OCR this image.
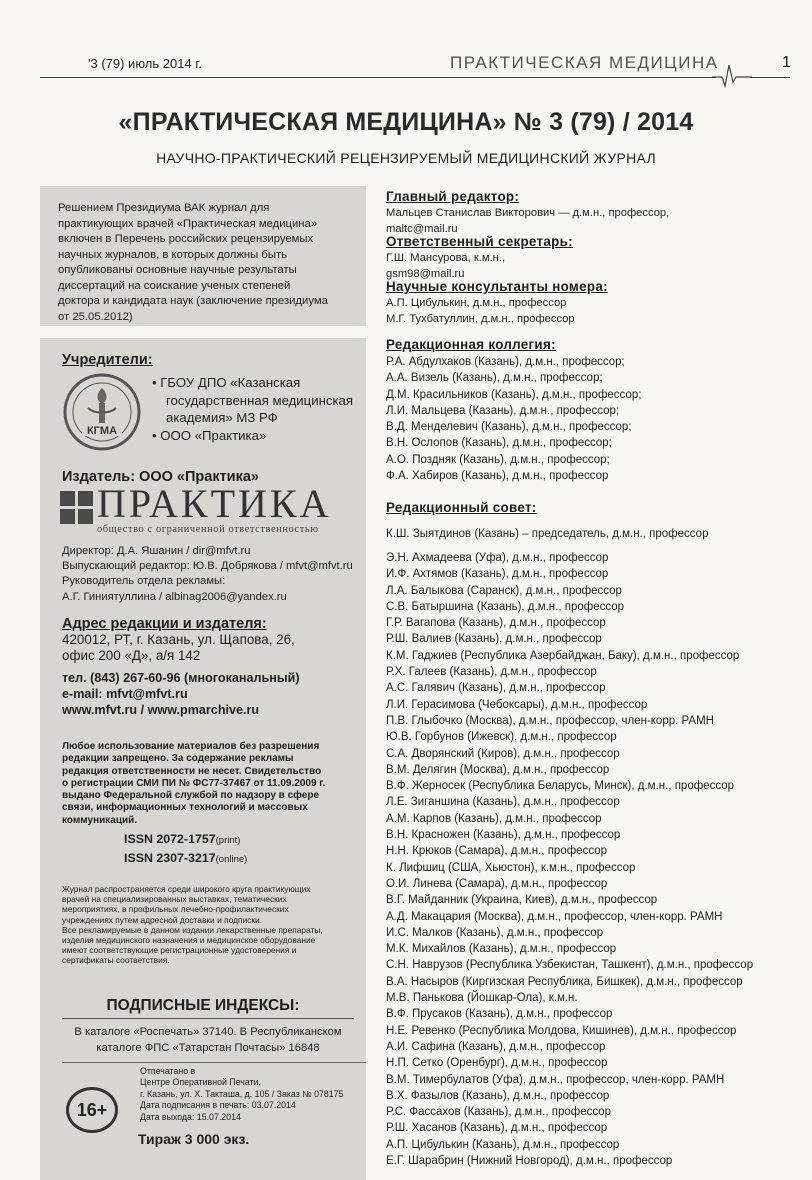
'3 (79) июль 2014 г.	ПРАКТИЧЕСКАЯ МЕДИЦИНА	1
«ПРАКТИЧЕСКАЯ МЕДИЦИНА» № 3 (79) / 2014
НАУЧНО-ПРАКТИЧЕСКИЙ РЕЦЕНЗИРУЕМЫЙ МЕДИЦИНСКИЙ ЖУРНАЛ
Решением Президиума ВАК журнал для
практикующих врачей «Практическая медицина»
включен в Перечень российских рецензируемых
научных журналов, в которых должны быть
опубликованы основные научные результаты
диссертаций на соискание ученых степеней
доктора и кандидата наук (заключение президиума
от 25.05.2012)
Учредители:
КГМА
• ГБОУ ДПО «Казанская государственная медицинская академия» МЗ РФ
• ООО «Практика»
Издатель: ООО «Практика»
ПРАКТИКА
общество с ограниченной ответственностью
Директор: Д.А. Яшанин / dir@mfvt.ru
Выпускающий редактор: Ю.В. Добрякова / mfvt@mfvt.ru
Руководитель отдела рекламы:
А.Г. Гиниятуллина / albinag2006@yandex.ru
Адрес редакции и издателя:
420012, РТ, г. Казань, ул. Щапова, 26,
офис 200 «Д», а/я 142
тел. (843) 267-60-96 (многоканальный)
e-mail: mfvt@mfvt.ru
www.mfvt.ru / www.pmarchive.ru
Любое использование материалов без разрешения
редакции запрещено. За содержание рекламы
редакция ответственности не несет. Свидетельство
о регистрации СМИ ПИ № ФС77-37467 от 11.09.2009 г.
выдано Федеральной службой по надзору в сфере
связи, информационных технологий и массовых
коммуникаций.
ISSN 2072-1757(print)
ISSN 2307-3217(online)
Журнал распространяется среди широкого круга практикующих
врачей на специализированных выставках, тематических
мероприятиях, в профильных лечебно-профилактических
учреждениях путем адресной доставки и подписки.
Все рекламируемые в данном издании лекарственные препараты,
изделия медицинского назначения и медицинское оборудование
имеют соответствующие регистрационные удостоверения и
сертификаты соответствия.
ПОДПИСНЫЕ ИНДЕКСЫ:
В каталоге «Роспечать» 37140. В Республиканском
каталоге ФПС «Татарстан Почтасы» 16848
16+
Отпечатано в
Центре Оперативной Печати,
г. Казань, ул. Х. Такташа, д. 105 / Заказ № 078175
Дата подписания в печать: 03.07.2014
Дата выхода: 15.07.2014
Тираж 3 000 экз.
Главный редактор:
Мальцев Станислав Викторович — д.м.н., профессор,
maltc@mail.ru
Ответственный секретарь:
Г.Ш. Мансурова, к.м.н.,
gsm98@mail.ru
Научные консультанты номера:
А.П. Цибулькин, д.м.н., профессор
М.Г. Тухбатуллин, д.м.н., профессор
Редакционная коллегия:
Р.А. Абдулхаков (Казань), д.м.н., профессор;
А.А. Визель (Казань), д.м.н., профессор;
Д.М. Красильников (Казань), д.м.н., профессор;
Л.И. Мальцева (Казань), д.м.н., профессор;
В.Д. Менделевич (Казань), д.м.н., профессор;
В.Н. Ослопов (Казань), д.м.н., профессор;
А.О. Поздняк (Казань), д.м.н., профессор;
Ф.А. Хабиров (Казань), д.м.н., профессор
Редакционный совет:
К.Ш. Зыятдинов (Казань) – председатель, д.м.н., профессор
Э.Н. Ахмадеева (Уфа), д.м.н., профессор
И.Ф. Ахтямов (Казань), д.м.н., профессор
Л.А. Балыкова (Саранск), д.м.н., профессор
С.В. Батыршина (Казань), д.м.н., профессор
Г.Р. Вагапова (Казань), д.м.н., профессор
Р.Ш. Валиев (Казань), д.м.н., профессор
К.М. Гаджиев (Республика Азербайджан, Баку), д.м.н., профессор
Р.Х. Галеев (Казань), д.м.н., профессор
А.С. Галявич (Казань), д.м.н., профессор
Л.И. Герасимова (Чебоксары), д.м.н., профессор
П.В. Глыбочко (Москва), д.м.н., профессор, член-корр. РАМН
Ю.В. Горбунов (Ижевск), д.м.н., профессор
С.А. Дворянский (Киров), д.м.н., профессор
В.М. Делягин (Москва), д.м.н., профессор
В.Ф. Жерносек (Республика Беларусь, Минск), д.м.н., профессор
Л.Е. Зиганшина (Казань), д.м.н., профессор
А.М. Карпов (Казань), д.м.н., профессор
В.Н. Красножен (Казань), д.м.н., профессор
Н.Н. Крюков (Самара), д.м.н., профессор
К. Лифшиц (США, Хьюстон), к.м.н., профессор
О.И. Линева (Самара), д.м.н., профессор
В.Г. Майданник (Украина, Киев), д.м.н., профессор
А.Д. Макацария (Москва), д.м.н., профессор, член-корр. РАМН
И.С. Малков (Казань), д.м.н., профессор
М.К. Михайлов (Казань), д.м.н., профессор
С.Н. Наврузов (Республика Узбекистан, Ташкент), д.м.н., профессор
В.А. Насыров (Киргизская Республика, Бишкек), д.м.н., профессор
М.В. Панькова (Йошкар-Ола), к.м.н.
В.Ф. Прусаков (Казань), д.м.н., профессор
Н.Е. Ревенко (Республика Молдова, Кишинев), д.м.н., профессор
А.И. Сафина (Казань), д.м.н., профессор
Н.П. Сетко (Оренбург), д.м.н., профессор
В.М. Тимербулатов (Уфа), д.м.н., профессор, член-корр. РАМН
В.Х. Фазылов (Казань), д.м.н., профессор
Р.С. Фассахов (Казань), д.м.н., профессор
Р.Ш. Хасанов (Казань), д.м.н., профессор
А.П. Цибулькин (Казань), д.м.н., профессор
Е.Г. Шарабрин (Нижний Новгород), д.м.н., профессор
